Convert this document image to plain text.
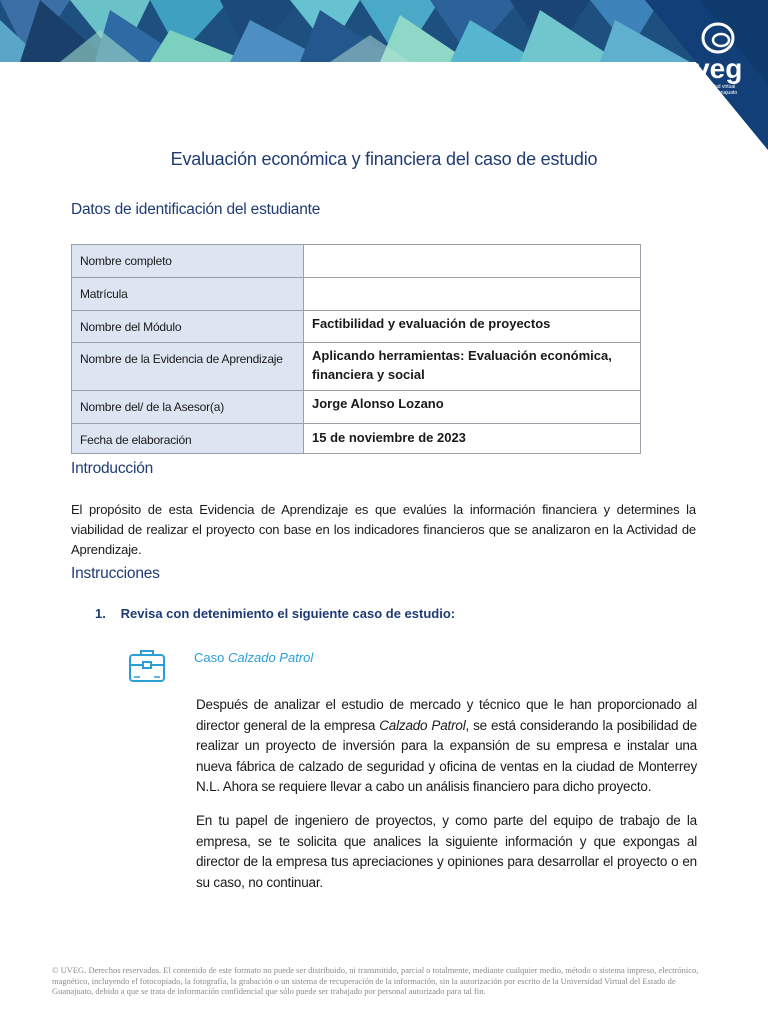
uveg
universidad virtual
del estado de guanajuato
Evaluación económica y financiera del caso de estudio
Datos de identificación del estudiante
Nombre completo	
Matrícula	
Nombre del Módulo	Factibilidad y evaluación de proyectos
Nombre de la Evidencia de Aprendizaje	Aplicando herramientas: Evaluación económica, financiera y social
Nombre del/ de la Asesor(a)	Jorge Alonso Lozano
Fecha de elaboración	15 de noviembre de 2023
Introducción
El propósito de esta Evidencia de Aprendizaje es que evalúes la información financiera y determines la viabilidad de realizar el proyecto con base en los indicadores financieros que se analizaron en la Actividad de Aprendizaje.
Instrucciones
1. Revisa con detenimiento el siguiente caso de estudio:
Caso Calzado Patrol
Después de analizar el estudio de mercado y técnico que le han proporcionado al director general de la empresa Calzado Patrol, se está considerando la posibilidad de realizar un proyecto de inversión para la expansión de su empresa e instalar una nueva fábrica de calzado de seguridad y oficina de ventas en la ciudad de Monterrey N.L. Ahora se requiere llevar a cabo un análisis financiero para dicho proyecto.
En tu papel de ingeniero de proyectos, y como parte del equipo de trabajo de la empresa, se te solicita que analices la siguiente información y que expongas al director de la empresa tus apreciaciones y opiniones para desarrollar el proyecto o en su caso, no continuar.
© UVEG. Derechos reservados. El contenido de este formato no puede ser distribuido, ni transmitido, parcial o totalmente, mediante cualquier medio, método o sistema impreso, electrónico, magnético, incluyendo el fotocopiado, la fotografía, la grabación o un sistema de recuperación de la información, sin la autorización por escrito de la Universidad Virtual del Estado de Guanajuato, debido a que se trata de información confidencial que sólo puede ser trabajado por personal autorizado para tal fin.
